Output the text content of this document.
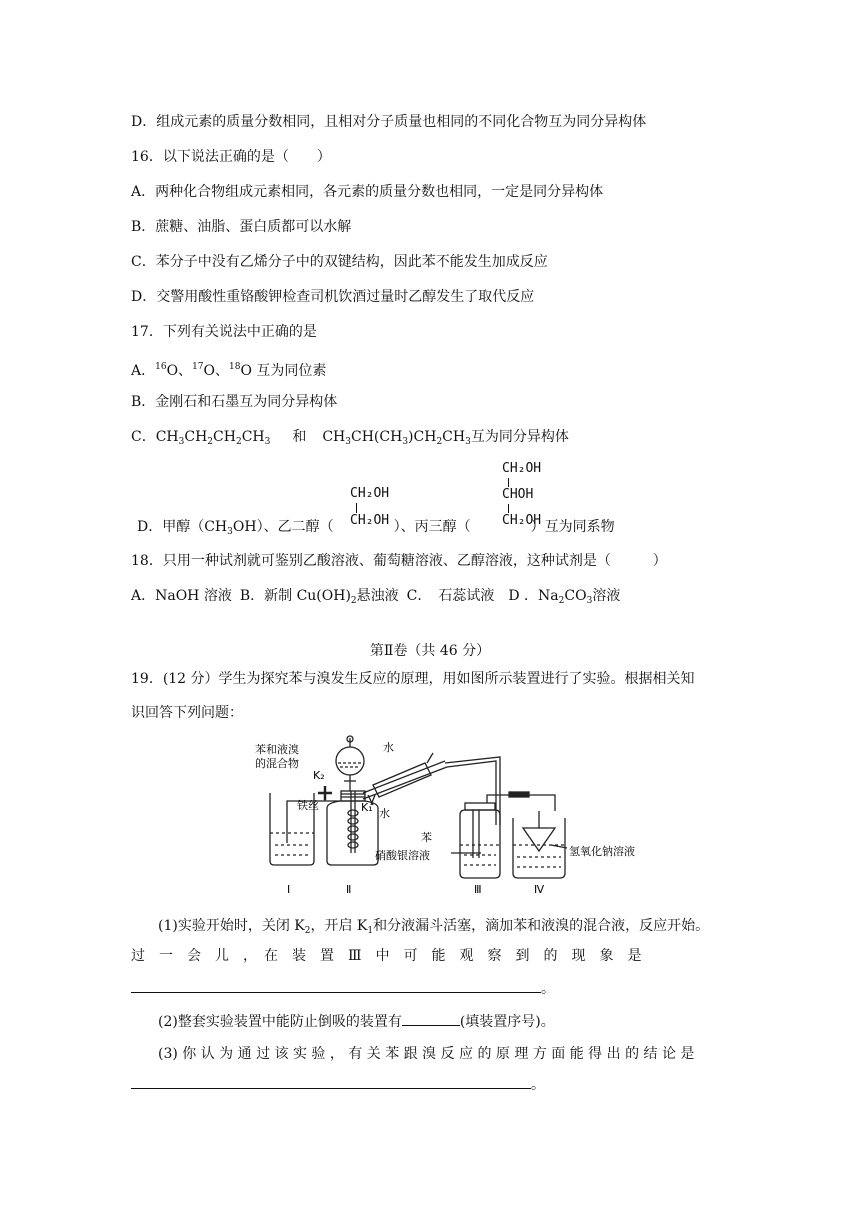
D．组成元素的质量分数相同，且相对分子质量也相同的不同化合物互为同分异构体
16．以下说法正确的是（　　）
A．两种化合物组成元素相同，各元素的质量分数也相同，一定是同分异构体
B．蔗糖、油脂、蛋白质都可以水解
C．苯分子中没有乙烯分子中的双键结构，因此苯不能发生加成反应
D．交警用酸性重铬酸钾检查司机饮酒过量时乙醇发生了取代反应
17．下列有关说法中正确的是
A．$^{16}$O、$^{17}$O、$^{18}$O 互为同位素
B．金刚石和石墨互为同分异构体
C．$CH_3CH_2CH_2CH_3$ 和 $CH_3CH(CH_3)CH_2CH_3$互为同分异构体
CH₂OH
CH₂OH
CH₂OH
CHOH
CH₂OH
D．甲醇$(CH_3OH)$、乙二醇（	）、丙三醇（	）互为同系物
18．只用一种试剂就可鉴别乙酸溶液、葡萄糖溶液、乙醇溶液，这种试剂是（　　　）
A．NaOH 溶液 B．新制 $Cu(OH)_2$悬浊液 C．　石蕊试液 D ．$Na_2CO_3$溶液
第Ⅱ卷（共 46 分）
19．(12 分）学生为探究苯与溴发生反应的原理，用如图所示装置进行了实验。根据相关知
识回答下列问题：
苯和液溴
的混合物
K₂
铁丝
水
K₁ 水
苯
硝酸银溶液	氢氧化钠溶液
Ⅰ	Ⅱ	Ⅲ	Ⅳ
(1)实验开始时，关闭 $K_2$，开启 $K_1$和分液漏斗活塞，滴加苯和液溴的混合液，反应开始。
过　一　会　儿　，　在　装　置　Ⅲ　中　可　能　观　察　到　的　现　象　是
。
(2)整套实验装置中能防止倒吸的装置有	(填装置序号)。
(3) 你 认 为 通 过 该 实 验 ， 有 关 苯 跟 溴 反 应 的 原 理 方 面 能 得 出 的 结 论 是
。
